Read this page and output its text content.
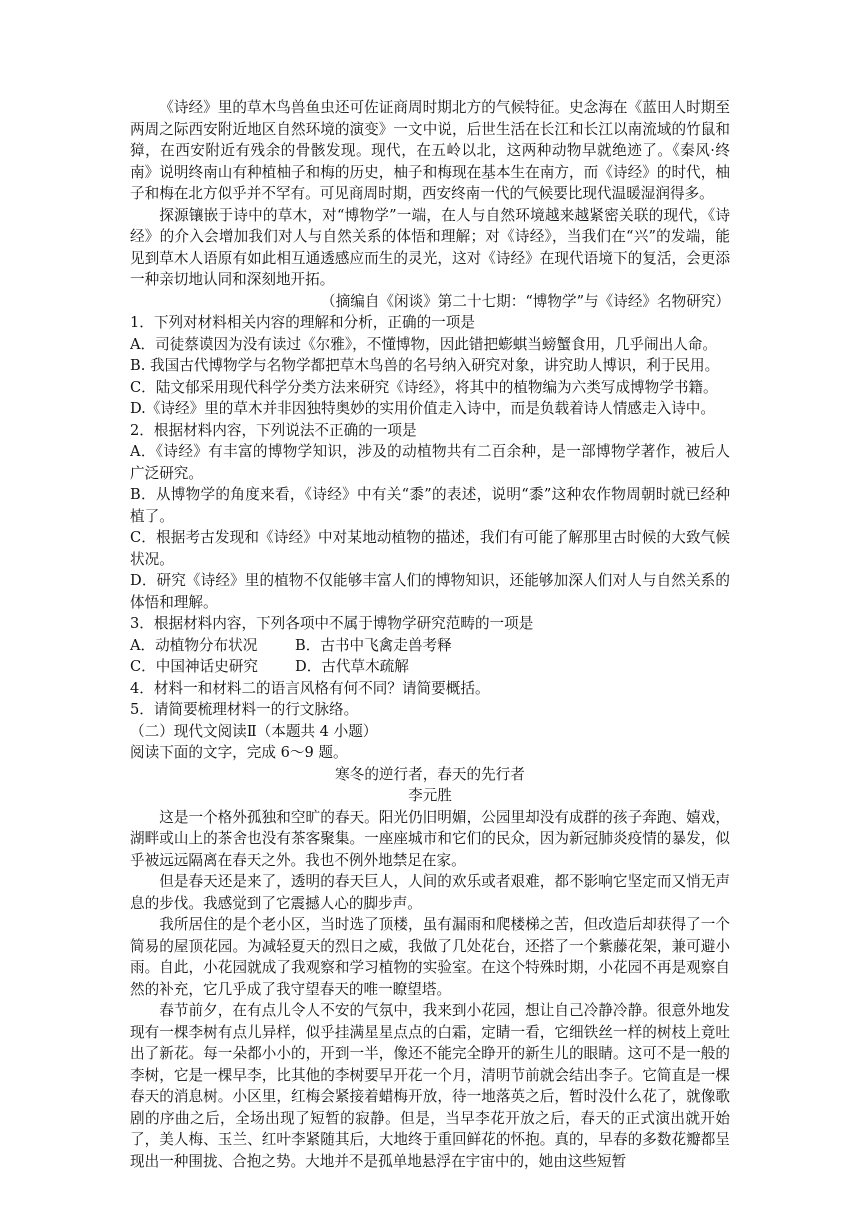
《诗经》里的草木鸟兽鱼虫还可佐证商周时期北方的气候特征。史念海在《蓝田人时期至两周之际西安附近地区自然环境的演变》一文中说，后世生活在长江和长江以南流域的竹鼠和獐，在西安附近有残余的骨骸发现。现代，在五岭以北，这两种动物早就绝迹了。《秦风·终南》说明终南山有种植柚子和梅的历史，柚子和梅现在基本生在南方，而《诗经》的时代，柚子和梅在北方似乎并不罕有。可见商周时期，西安终南一代的气候要比现代温暖湿润得多。

探源镶嵌于诗中的草木，对“博物学”一端，在人与自然环境越来越紧密关联的现代，《诗经》的介入会增加我们对人与自然关系的体悟和理解；对《诗经》，当我们在“兴”的发端，能见到草木人语原有如此相互通透感应而生的灵光，这对《诗经》在现代语境下的复活，会更添一种亲切地认同和深刻地开拓。

（摘编自《闲谈》第二十七期：“博物学”与《诗经》名物研究）

1．下列对材料相关内容的理解和分析，正确的一项是

A．司徒蔡谟因为没有读过《尔雅》，不懂博物，因此错把蟛蜞当螃蟹食用，几乎闹出人命。

B. 我国古代博物学与名物学都把草木鸟兽的名号纳入研究对象，讲究助人博识，利于民用。

C．陆文郁采用现代科学分类方法来研究《诗经》，将其中的植物编为六类写成博物学书籍。

D.《诗经》里的草木并非因独特奥妙的实用价值走入诗中，而是负载着诗人情感走入诗中。

2．根据材料内容，下列说法不正确的一项是

A．《诗经》有丰富的博物学知识，涉及的动植物共有二百余种，是一部博物学著作，被后人广泛研究。

B．从博物学的角度来看，《诗经》中有关“黍”的表述，说明“黍”这种农作物周朝时就已经种植了。

C．根据考古发现和《诗经》中对某地动植物的描述，我们有可能了解那里古时候的大致气候状况。

D．研究《诗经》里的植物不仅能够丰富人们的博物知识，还能够加深人们对人与自然关系的体悟和理解。

3．根据材料内容，下列各项中不属于博物学研究范畴的一项是

A．动植物分布状况	B．古书中飞禽走兽考释
C．中国神话史研究	D．古代草木疏解

4．材料一和材料二的语言风格有何不同？请简要概括。

5．请简要梳理材料一的行文脉络。

（二）现代文阅读Ⅱ（本题共 4 小题）

阅读下面的文字，完成 6～9 题。

寒冬的逆行者，春天的先行者

李元胜

这是一个格外孤独和空旷的春天。阳光仍旧明媚，公园里却没有成群的孩子奔跑、嬉戏，湖畔或山上的茶舍也没有茶客聚集。一座座城市和它们的民众，因为新冠肺炎疫情的暴发，似乎被远远隔离在春天之外。我也不例外地禁足在家。

但是春天还是来了，透明的春天巨人，人间的欢乐或者艰难，都不影响它坚定而又悄无声息的步伐。我感觉到了它震撼人心的脚步声。

我所居住的是个老小区，当时选了顶楼，虽有漏雨和爬楼梯之苦，但改造后却获得了一个简易的屋顶花园。为减轻夏天的烈日之威，我做了几处花台，还搭了一个紫藤花架，兼可避小雨。自此，小花园就成了我观察和学习植物的实验室。在这个特殊时期，小花园不再是观察自然的补充，它几乎成了我守望春天的唯一瞭望塔。

春节前夕，在有点儿令人不安的气氛中，我来到小花园，想让自己冷静冷静。很意外地发现有一棵李树有点儿异样，似乎挂满星星点点的白霜，定睛一看，它细铁丝一样的树枝上竟吐出了新花。每一朵都小小的，开到一半，像还不能完全睁开的新生儿的眼睛。这可不是一般的李树，它是一棵早李，比其他的李树要早开花一个月，清明节前就会结出李子。它简直是一棵春天的消息树。小区里，红梅会紧接着蜡梅开放，待一地落英之后，暂时没什么花了，就像歌剧的序曲之后，全场出现了短暂的寂静。但是，当早李花开放之后，春天的正式演出就开始了，美人梅、玉兰、红叶李紧随其后，大地终于重回鲜花的怀抱。真的，早春的多数花瓣都呈现出一种围拢、合抱之势。大地并不是孤单地悬浮在宇宙中的，她由这些短暂
